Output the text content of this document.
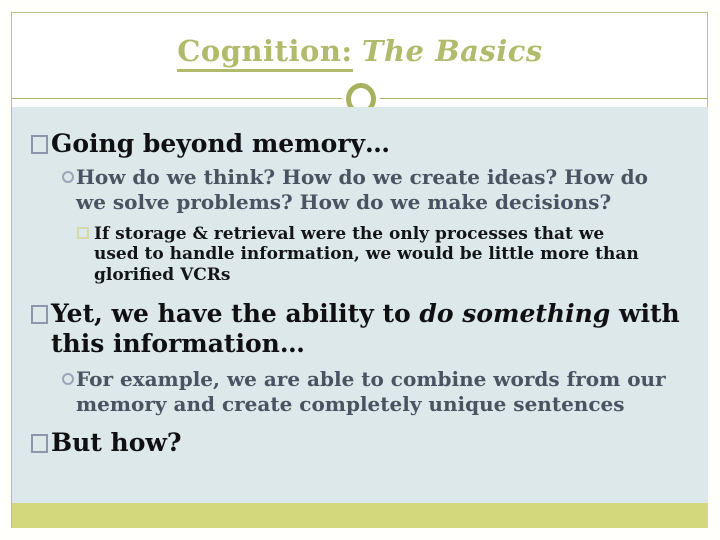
Cognition: The Basics
Going beyond memory…
How do we think? How do we create ideas? How do
we solve problems? How do we make decisions?
If storage & retrieval were the only processes that we
used to handle information, we would be little more than
glorified VCRs
Yet, we have the ability to do something with
this information…
For example, we are able to combine words from our
memory and create completely unique sentences
But how?
